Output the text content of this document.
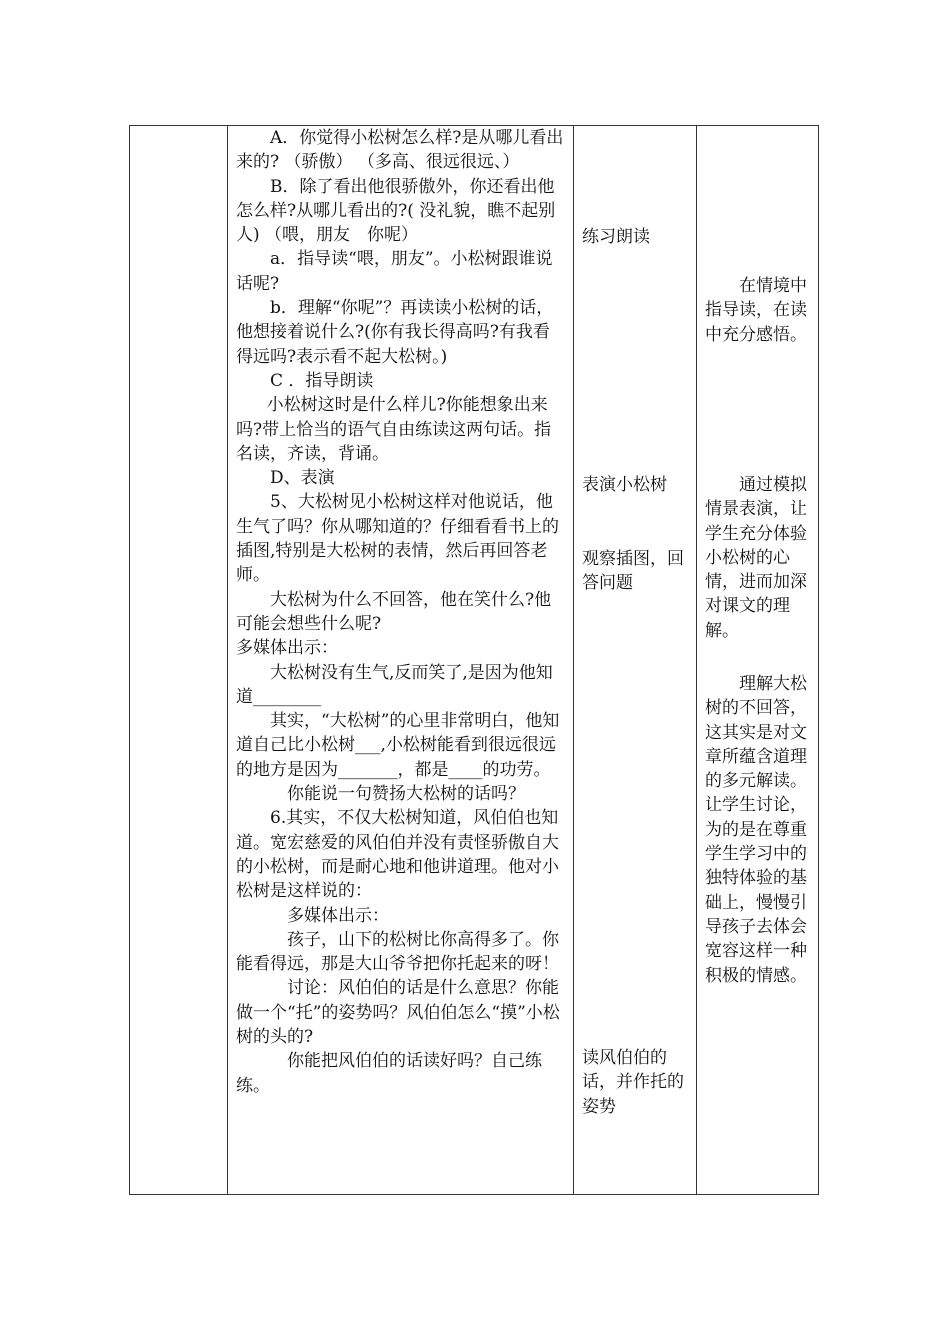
A．你觉得小松树怎么样?是从哪儿看出来的? （骄傲） （多高、很远很远、）

B．除了看出他很骄傲外，你还看出他怎么样?从哪儿看出的?( 没礼貌，瞧不起别人) （喂，朋友　你呢）

a．指导读“喂，朋友”。小松树跟谁说话呢?

b．理解“你呢”？再读读小松树的话，他想接着说什么?(你有我长得高吗?有我看得远吗?表示看不起大松树。)

C ．指导朗读

小松树这时是什么样儿?你能想象出来吗?带上恰当的语气自由练读这两句话。指名读，齐读，背诵。

D、表演

5、大松树见小松树这样对他说话，他生气了吗？你从哪知道的？仔细看看书上的插图,特别是大松树的表情，然后再回答老师。

大松树为什么不回答，他在笑什么?他可能会想些什么呢?

多媒体出示：

大松树没有生气,反而笑了,是因为他知道________

其实，“大松树”的心里非常明白，他知道自己比小松树___,小松树能看到很远很远的地方是因为_______，都是____的功劳。

你能说一句赞扬大松树的话吗？

6.其实，不仅大松树知道，风伯伯也知道。宽宏慈爱的风伯伯并没有责怪骄傲自大的小松树，而是耐心地和他讲道理。他对小松树是这样说的：

多媒体出示：

孩子，山下的松树比你高得多了。你能看得远，那是大山爷爷把你托起来的呀！

讨论：风伯伯的话是什么意思？你能做一个“托”的姿势吗？风伯伯怎么“摸”小松树的头的?

你能把风伯伯的话读好吗？自己练练。

练习朗读

表演小松树

观察插图，回答问题

读风伯伯的话，并作托的姿势

在情境中指导读，在读中充分感悟。

通过模拟情景表演，让学生充分体验小松树的心情，进而加深对课文的理解。

理解大松树的不回答，这其实是对文章所蕴含道理的多元解读。让学生讨论，为的是在尊重学生学习中的独特体验的基础上，慢慢引导孩子去体会宽容这样一种积极的情感。
